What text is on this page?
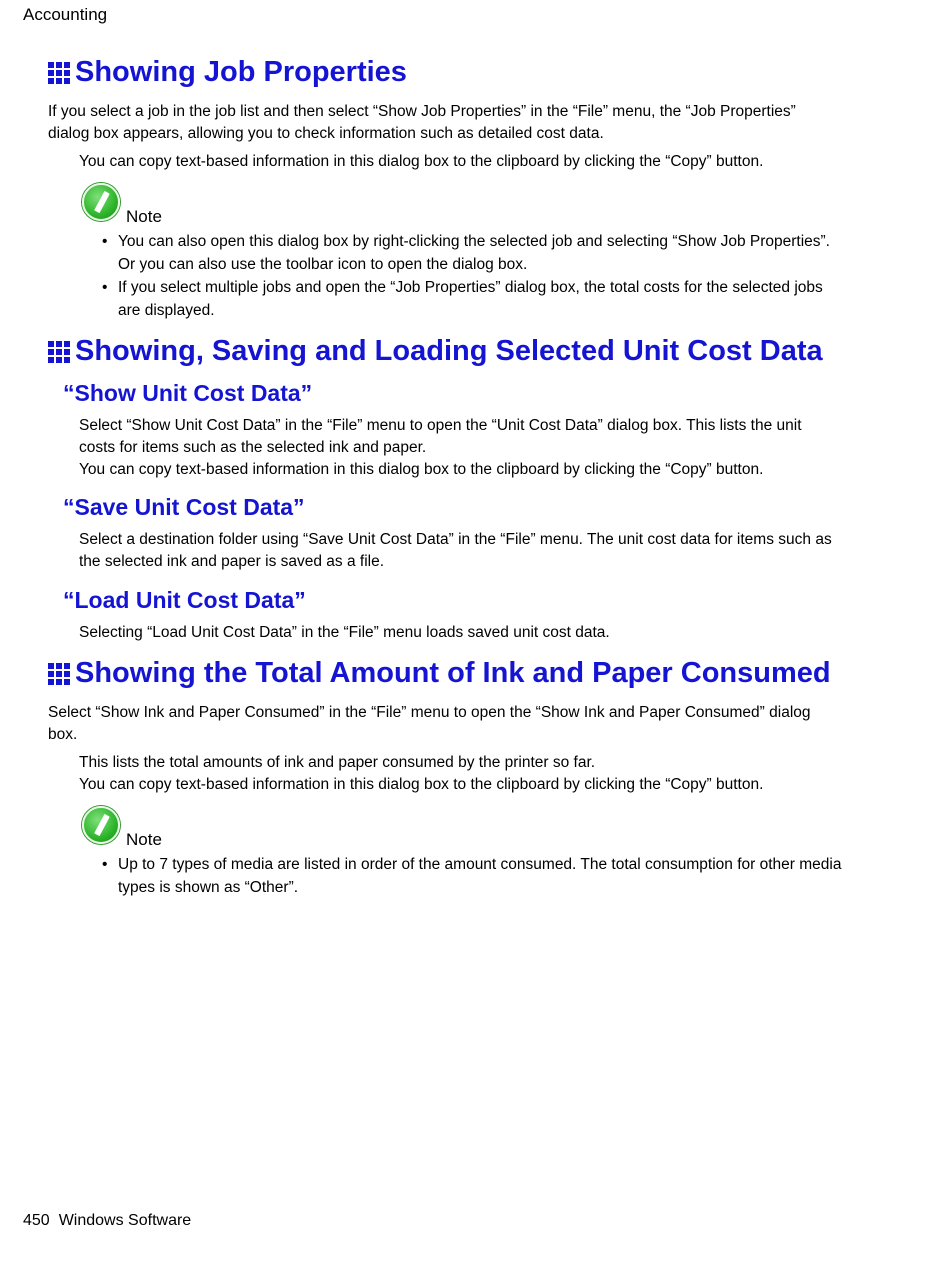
Accounting
Showing Job Properties
If you select a job in the job list and then select “Show Job Properties” in the “File” menu, the “Job Properties” dialog box appears, allowing you to check information such as detailed cost data.
You can copy text-based information in this dialog box to the clipboard by clicking the “Copy” button.
Note
• You can also open this dialog box by right-clicking the selected job and selecting “Show Job Properties”. Or you can also use the toolbar icon to open the dialog box.
• If you select multiple jobs and open the “Job Properties” dialog box, the total costs for the selected jobs are displayed.
Showing, Saving and Loading Selected Unit Cost Data
“Show Unit Cost Data”
Select “Show Unit Cost Data” in the “File” menu to open the “Unit Cost Data” dialog box. This lists the unit costs for items such as the selected ink and paper.
You can copy text-based information in this dialog box to the clipboard by clicking the “Copy” button.
“Save Unit Cost Data”
Select a destination folder using “Save Unit Cost Data” in the “File” menu. The unit cost data for items such as the selected ink and paper is saved as a file.
“Load Unit Cost Data”
Selecting “Load Unit Cost Data” in the “File” menu loads saved unit cost data.
Showing the Total Amount of Ink and Paper Consumed
Select “Show Ink and Paper Consumed” in the “File” menu to open the “Show Ink and Paper Consumed” dialog box.
This lists the total amounts of ink and paper consumed by the printer so far.
You can copy text-based information in this dialog box to the clipboard by clicking the “Copy” button.
Note
• Up to 7 types of media are listed in order of the amount consumed. The total consumption for other media types is shown as “Other”.
450 Windows Software
